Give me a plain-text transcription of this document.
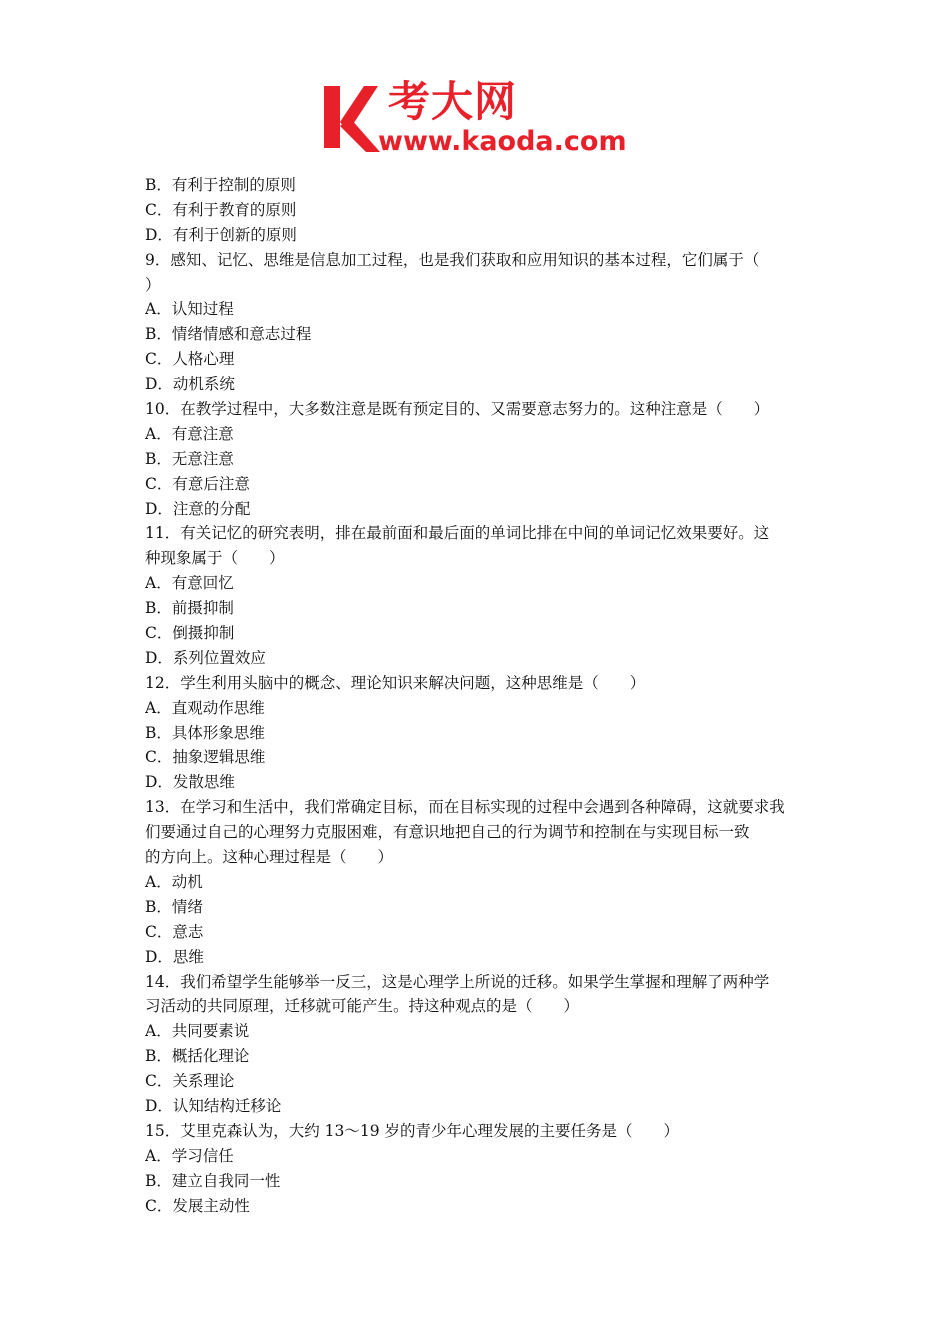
考大网
www.kaoda.com
B．有利于控制的原则
C．有利于教育的原则
D．有利于创新的原则
9．感知、记忆、思维是信息加工过程，也是我们获取和应用知识的基本过程，它们属于（
）
A．认知过程
B．情绪情感和意志过程
C．人格心理
D．动机系统
10．在教学过程中，大多数注意是既有预定目的、又需要意志努力的。这种注意是（　　）
A．有意注意
B．无意注意
C．有意后注意
D．注意的分配
11．有关记忆的研究表明，排在最前面和最后面的单词比排在中间的单词记忆效果要好。这
种现象属于（　　）
A．有意回忆
B．前摄抑制
C．倒摄抑制
D．系列位置效应
12．学生利用头脑中的概念、理论知识来解决问题，这种思维是（　　）
A．直观动作思维
B．具体形象思维
C．抽象逻辑思维
D．发散思维
13．在学习和生活中，我们常确定目标，而在目标实现的过程中会遇到各种障碍，这就要求我
们要通过自己的心理努力克服困难，有意识地把自己的行为调节和控制在与实现目标一致
的方向上。这种心理过程是（　　）
A．动机
B．情绪
C．意志
D．思维
14．我们希望学生能够举一反三，这是心理学上所说的迁移。如果学生掌握和理解了两种学
习活动的共同原理，迁移就可能产生。持这种观点的是（　　）
A．共同要素说
B．概括化理论
C．关系理论
D．认知结构迁移论
15．艾里克森认为，大约 13～19 岁的青少年心理发展的主要任务是（　　）
A．学习信任
B．建立自我同一性
C．发展主动性
